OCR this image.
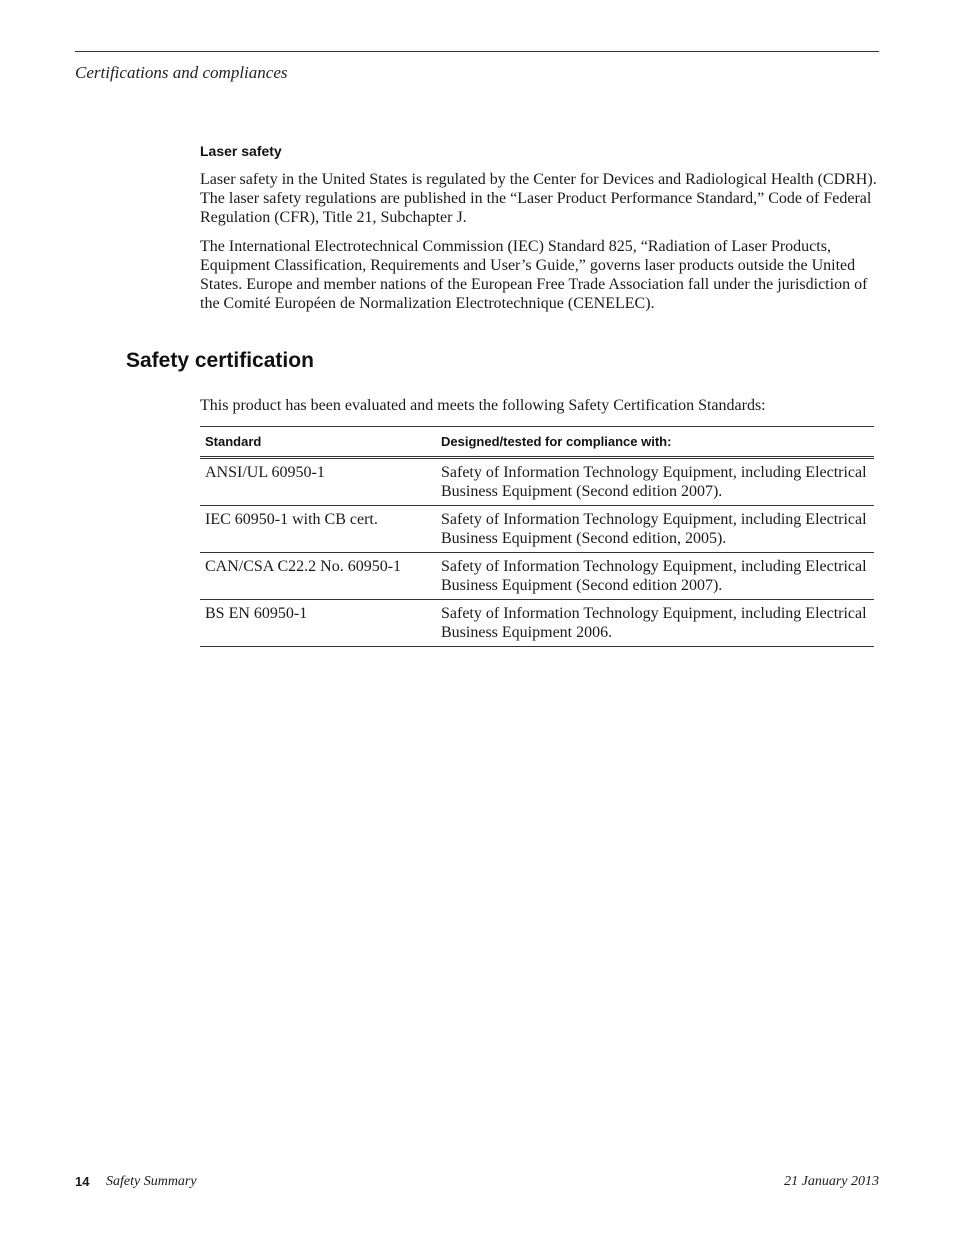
Certifications and compliances
Laser safety
Laser safety in the United States is regulated by the Center for Devices and Radiological Health (CDRH). The laser safety regulations are published in the “Laser Product Performance Standard,” Code of Federal Regulation (CFR), Title 21, Subchapter J.
The International Electrotechnical Commission (IEC) Standard 825, “Radiation of Laser Products, Equipment Classification, Requirements and User’s Guide,” governs laser products outside the United States. Europe and member nations of the European Free Trade Association fall under the jurisdiction of the Comité Européen de Normalization Electrotechnique (CENELEC).
Safety certification
This product has been evaluated and meets the following Safety Certification Standards:
Standard	Designed/tested for compliance with:
ANSI/UL 60950-1	Safety of Information Technology Equipment, including Electrical Business Equipment (Second edition 2007).
IEC 60950-1 with CB cert.	Safety of Information Technology Equipment, including Electrical Business Equipment (Second edition, 2005).
CAN/CSA C22.2 No. 60950-1	Safety of Information Technology Equipment, including Electrical Business Equipment (Second edition 2007).
BS EN 60950-1	Safety of Information Technology Equipment, including Electrical Business Equipment 2006.
14 Safety Summary	21 January 2013
